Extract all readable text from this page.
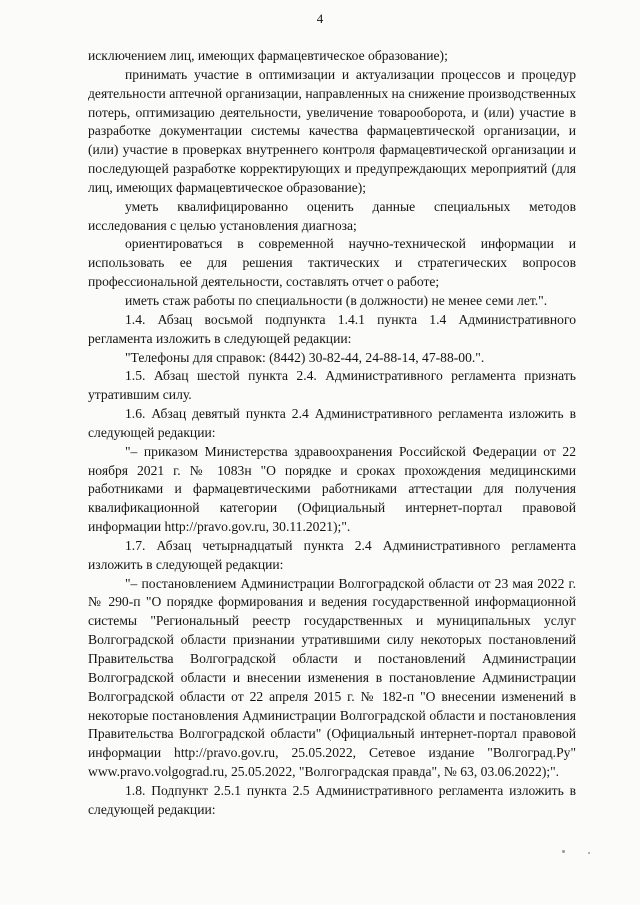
4

исключением лиц, имеющих фармацевтическое образование);

принимать участие в оптимизации и актуализации процессов и процедур деятельности аптечной организации, направленных на снижение производственных потерь, оптимизацию деятельности, увеличение товарооборота, и (или) участие в разработке документации системы качества фармацевтической организации, и (или) участие в проверках внутреннего контроля фармацевтической организации и последующей разработке корректирующих и предупреждающих мероприятий (для лиц, имеющих фармацевтическое образование);

уметь квалифицированно оценить данные специальных методов исследования с целью установления диагноза;

ориентироваться в современной научно-технической информации и использовать ее для решения тактических и стратегических вопросов профессиональной деятельности, составлять отчет о работе;

иметь стаж работы по специальности (в должности) не менее семи лет.".

1.4. Абзац восьмой подпункта 1.4.1 пункта 1.4 Административного регламента изложить в следующей редакции:

"Телефоны для справок: (8442) 30-82-44, 24-88-14, 47-88-00.".

1.5. Абзац шестой пункта 2.4. Административного регламента признать утратившим силу.

1.6. Абзац девятый пункта 2.4 Административного регламента изложить в следующей редакции:

"– приказом Министерства здравоохранения Российской Федерации от 22 ноября 2021 г. № 1083н "О порядке и сроках прохождения медицинскими работниками и фармацевтическими работниками аттестации для получения квалификационной категории (Официальный интернет-портал правовой информации http://pravo.gov.ru, 30.11.2021);".

1.7. Абзац четырнадцатый пункта 2.4 Административного регламента изложить в следующей редакции:

"– постановлением Администрации Волгоградской области от 23 мая 2022 г. № 290-п "О порядке формирования и ведения государственной информационной системы "Региональный реестр государственных и муниципальных услуг Волгоградской области признании утратившими силу некоторых постановлений Правительства Волгоградской области и постановлений Администрации Волгоградской области и внесении изменения в постановление Администрации Волгоградской области от 22 апреля 2015 г. № 182-п "О внесении изменений в некоторые постановления Администрации Волгоградской области и постановления Правительства Волгоградской области" (Официальный интернет-портал правовой информации http://pravo.gov.ru, 25.05.2022, Сетевое издание "Волгоград.Ру" www.pravo.volgograd.ru, 25.05.2022, "Волгоградская правда", № 63, 03.06.2022);".

1.8. Подпункт 2.5.1 пункта 2.5 Административного регламента изложить в следующей редакции:
